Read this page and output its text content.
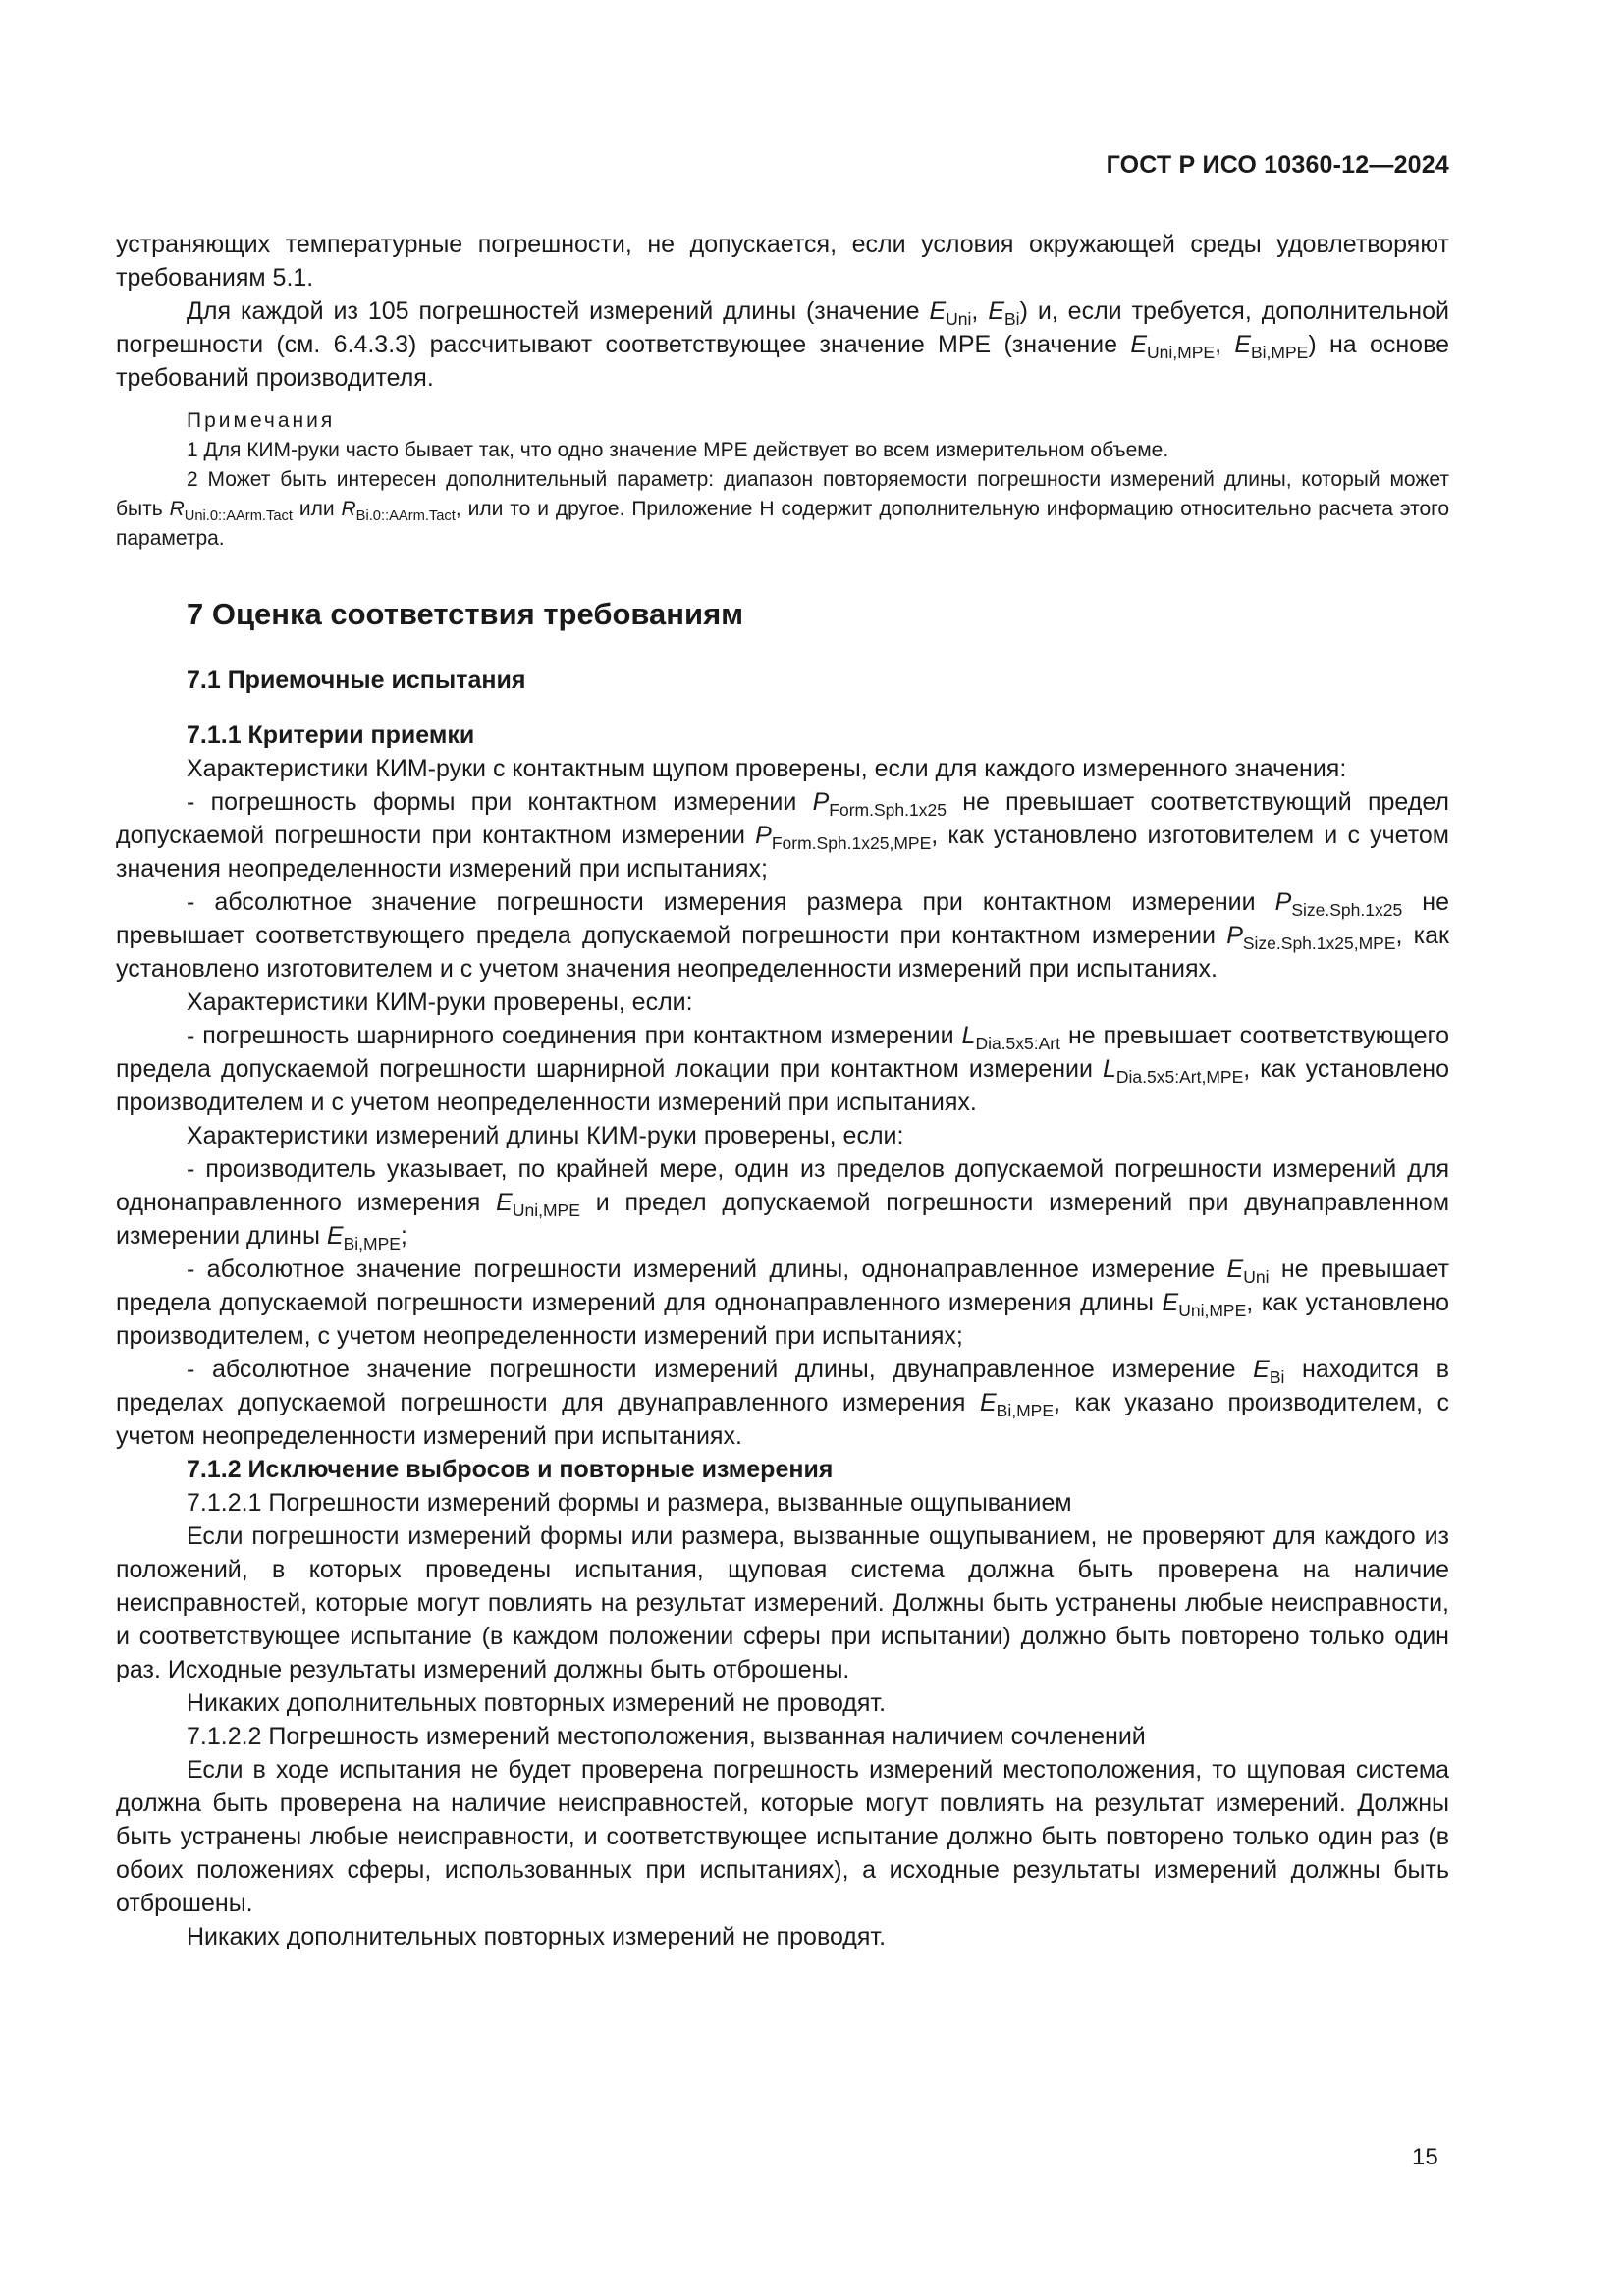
ГОСТ Р ИСО 10360-12—2024

устраняющих температурные погрешности, не допускается, если условия окружающей среды удовлетворяют требованиям 5.1.

Для каждой из 105 погрешностей измерений длины (значение $E_{Uni}$, $E_{Bi}$) и, если требуется, дополнительной погрешности (см. 6.4.3.3) рассчитывают соответствующее значение МРЕ (значение $E_{Uni,MPE}$, $E_{Bi,MPE}$) на основе требований производителя.

Примечания

1 Для КИМ-руки часто бывает так, что одно значение МРЕ действует во всем измерительном объеме.

2 Может быть интересен дополнительный параметр: диапазон повторяемости погрешности измерений длины, который может быть $R_{Uni.0::AArm.Tact}$ или $R_{Bi.0::AArm.Tact}$, или то и другое. Приложение Н содержит дополнительную информацию относительно расчета этого параметра.

7 Оценка соответствия требованиям
7.1 Приемочные испытания
7.1.1 Критерии приемки

Характеристики КИМ-руки с контактным щупом проверены, если для каждого измеренного значения:

- погрешность формы при контактном измерении $P_{Form.Sph.1x25}$ не превышает соответствующий предел допускаемой погрешности при контактном измерении $P_{Form.Sph.1x25,MPE}$, как установлено изготовителем и с учетом значения неопределенности измерений при испытаниях;

- абсолютное значение погрешности измерения размера при контактном измерении $P_{Size.Sph.1x25}$ не превышает соответствующего предела допускаемой погрешности при контактном измерении $P_{Size.Sph.1x25,MPE}$, как установлено изготовителем и с учетом значения неопределенности измерений при испытаниях.

Характеристики КИМ-руки проверены, если:

- погрешность шарнирного соединения при контактном измерении $L_{Dia.5x5:Art}$ не превышает соответствующего предела допускаемой погрешности шарнирной локации при контактном измерении $L_{Dia.5x5:Art,MPE}$, как установлено производителем и с учетом неопределенности измерений при испытаниях.

Характеристики измерений длины КИМ-руки проверены, если:

- производитель указывает, по крайней мере, один из пределов допускаемой погрешности измерений для однонаправленного измерения $E_{Uni,MPE}$ и предел допускаемой погрешности измерений при двунаправленном измерении длины $E_{Bi,MPE}$;

- абсолютное значение погрешности измерений длины, однонаправленное измерение $E_{Uni}$ не превышает предела допускаемой погрешности измерений для однонаправленного измерения длины $E_{Uni,MPE}$, как установлено производителем, с учетом неопределенности измерений при испытаниях;

- абсолютное значение погрешности измерений длины, двунаправленное измерение $E_{Bi}$ находится в пределах допускаемой погрешности для двунаправленного измерения $E_{Bi,MPE}$, как указано производителем, с учетом неопределенности измерений при испытаниях.

7.1.2 Исключение выбросов и повторные измерения

7.1.2.1 Погрешности измерений формы и размера, вызванные ощупыванием

Если погрешности измерений формы или размера, вызванные ощупыванием, не проверяют для каждого из положений, в которых проведены испытания, щуповая система должна быть проверена на наличие неисправностей, которые могут повлиять на результат измерений. Должны быть устранены любые неисправности, и соответствующее испытание (в каждом положении сферы при испытании) должно быть повторено только один раз. Исходные результаты измерений должны быть отброшены.

Никаких дополнительных повторных измерений не проводят.

7.1.2.2 Погрешность измерений местоположения, вызванная наличием сочленений

Если в ходе испытания не будет проверена погрешность измерений местоположения, то щуповая система должна быть проверена на наличие неисправностей, которые могут повлиять на результат измерений. Должны быть устранены любые неисправности, и соответствующее испытание должно быть повторено только один раз (в обоих положениях сферы, использованных при испытаниях), а исходные результаты измерений должны быть отброшены.

Никаких дополнительных повторных измерений не проводят.

15
